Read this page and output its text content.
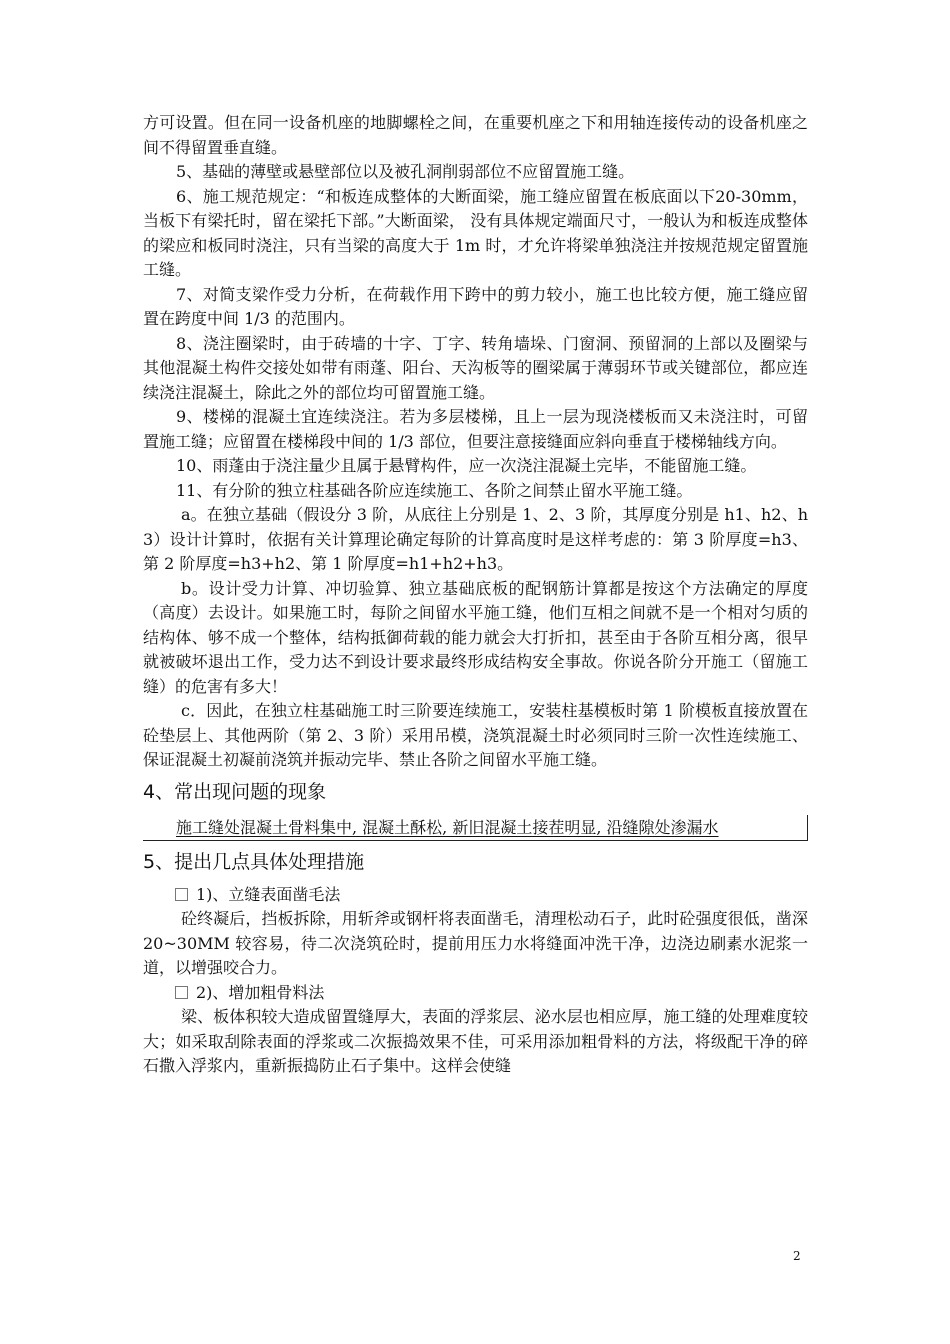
方可设置。但在同一设备机座的地脚螺栓之间，在重要机座之下和用轴连接传动的设备机座之间不得留置垂直缝。

5、基础的薄壁或悬壁部位以及被孔洞削弱部位不应留置施工缝。

6、施工规范规定：“和板连成整体的大断面梁，施工缝应留置在板底面以下20-30mm，当板下有梁托时，留在梁托下部。”大断面梁， 没有具体规定端面尺寸，一般认为和板连成整体的梁应和板同时浇注，只有当梁的高度大于 1m 时，才允许将梁单独浇注并按规范规定留置施工缝。

7、对简支梁作受力分析，在荷载作用下跨中的剪力较小，施工也比较方便，施工缝应留置在跨度中间 1/3 的范围内。

8、浇注圈梁时，由于砖墙的十字、丁字、转角墙垛、门窗洞、预留洞的上部以及圈梁与其他混凝土构件交接处如带有雨蓬、阳台、天沟板等的圈梁属于薄弱环节或关键部位，都应连续浇注混凝土，除此之外的部位均可留置施工缝。

9、楼梯的混凝土宜连续浇注。若为多层楼梯，且上一层为现浇楼板而又未浇注时，可留置施工缝；应留置在楼梯段中间的 1/3 部位，但要注意接缝面应斜向垂直于楼梯轴线方向。

10、雨蓬由于浇注量少且属于悬臂构件，应一次浇注混凝土完毕，不能留施工缝。

11、有分阶的独立柱基础各阶应连续施工、各阶之间禁止留水平施工缝。

a。在独立基础（假设分 3 阶，从底往上分别是 1、2、3 阶，其厚度分别是 h1、h2、h3）设计计算时，依据有关计算理论确定每阶的计算高度时是这样考虑的：第 3 阶厚度=h3、第 2 阶厚度=h3+h2、第 1 阶厚度=h1+h2+h3。

b。设计受力计算、冲切验算、独立基础底板的配钢筋计算都是按这个方法确定的厚度（高度）去设计。如果施工时，每阶之间留水平施工缝，他们互相之间就不是一个相对匀质的结构体、够不成一个整体，结构抵御荷载的能力就会大打折扣，甚至由于各阶互相分离，很早就被破坏退出工作，受力达不到设计要求最终形成结构安全事故。你说各阶分开施工（留施工缝）的危害有多大！

c．因此，在独立柱基础施工时三阶要连续施工，安装柱基模板时第 1 阶模板直接放置在砼垫层上、其他两阶（第 2、3 阶）采用吊模，浇筑混凝土时必须同时三阶一次性连续施工、保证混凝土初凝前浇筑并振动完毕、禁止各阶之间留水平施工缝。

4、常出现问题的现象

施工缝处混凝土骨料集中, 混凝土酥松, 新旧混凝土接茬明显, 沿缝隙处渗漏水

5、提出几点具体处理措施

1)、立缝表面凿毛法

砼终凝后，挡板拆除，用斩斧或钢杆将表面凿毛，清理松动石子，此时砼强度很低，凿深 20~30MM 较容易，待二次浇筑砼时，提前用压力水将缝面冲洗干净，边浇边刷素水泥浆一道，以增强咬合力。

2)、增加粗骨料法

梁、板体积较大造成留置缝厚大，表面的浮浆层、泌水层也相应厚，施工缝的处理难度较大；如采取刮除表面的浮浆或二次振捣效果不佳，可采用添加粗骨料的方法，将级配干净的碎石撒入浮浆内，重新振捣防止石子集中。这样会使缝

2
